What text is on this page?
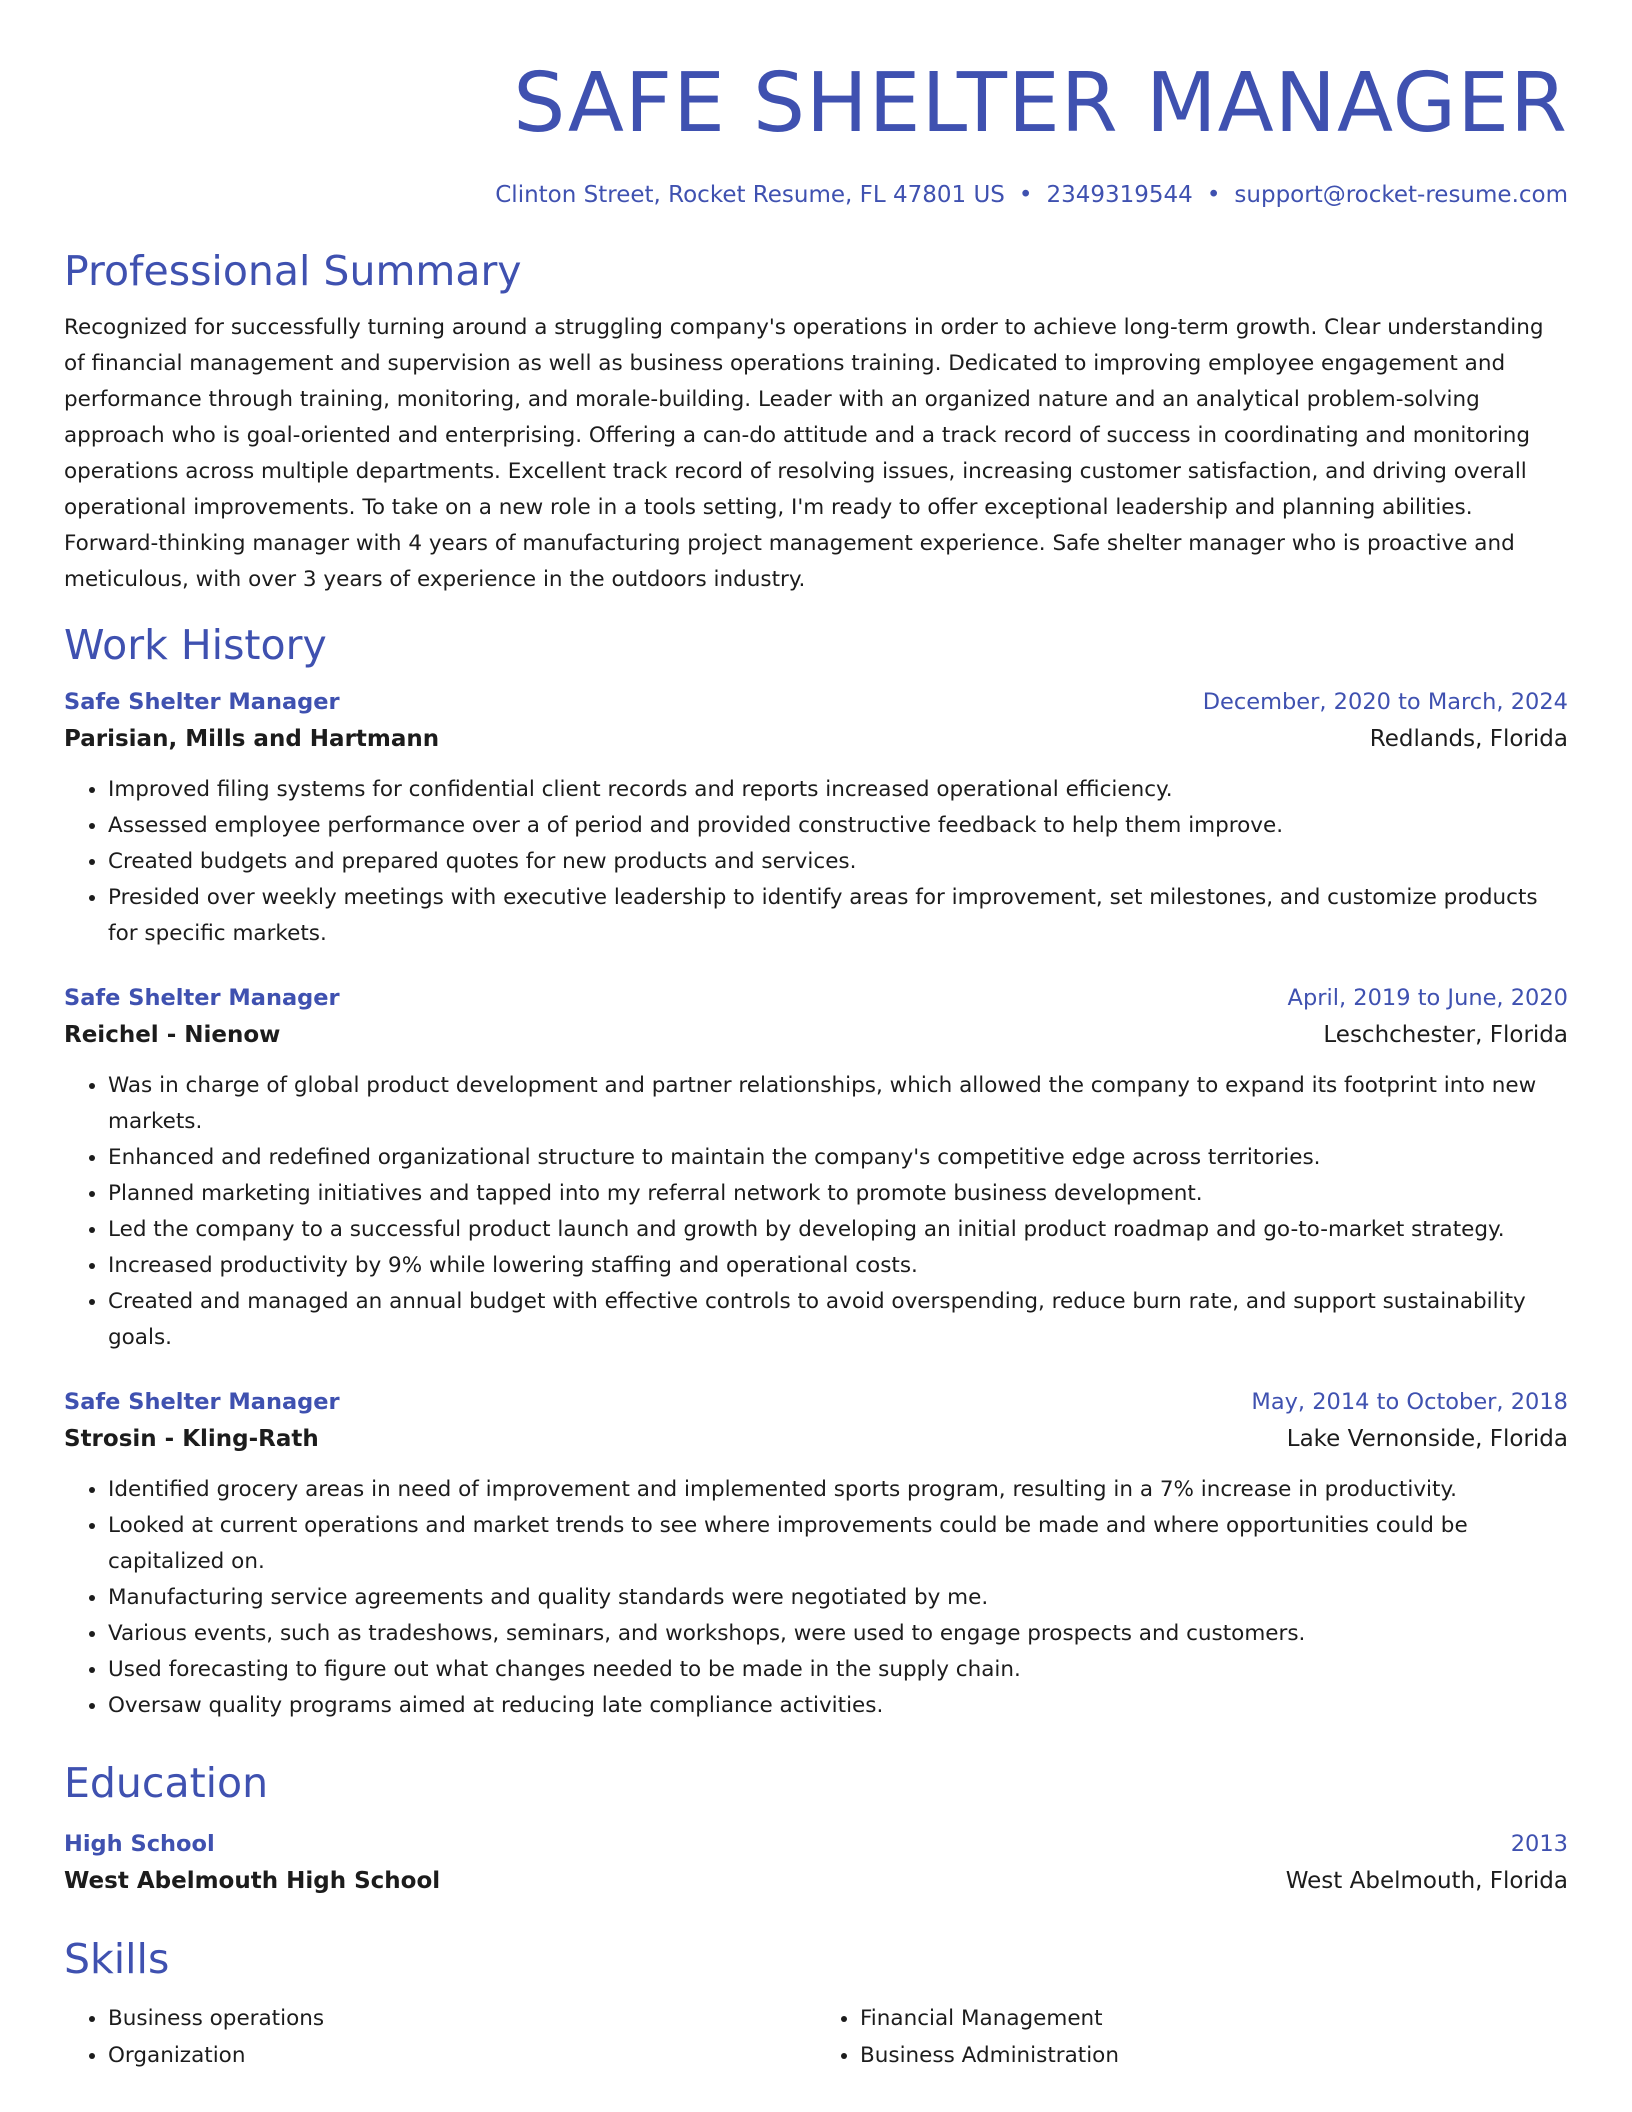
SAFE SHELTER MANAGER
Clinton Street, Rocket Resume, FL 47801 US • 2349319544 • support@rocket-resume.com
Professional Summary
Recognized for successfully turning around a struggling company's operations in order to achieve long-term growth. Clear understanding of financial management and supervision as well as business operations training. Dedicated to improving employee engagement and performance through training, monitoring, and morale-building. Leader with an organized nature and an analytical problem-solving approach who is goal-oriented and enterprising. Offering a can-do attitude and a track record of success in coordinating and monitoring operations across multiple departments. Excellent track record of resolving issues, increasing customer satisfaction, and driving overall operational improvements. To take on a new role in a tools setting, I'm ready to offer exceptional leadership and planning abilities. Forward-thinking manager with 4 years of manufacturing project management experience. Safe shelter manager who is proactive and meticulous, with over 3 years of experience in the outdoors industry.
Work History
Safe Shelter Manager	December, 2020 to March, 2024
Parisian, Mills and Hartmann	Redlands, Florida
• Improved filing systems for confidential client records and reports increased operational efficiency.
• Assessed employee performance over a of period and provided constructive feedback to help them improve.
• Created budgets and prepared quotes for new products and services.
• Presided over weekly meetings with executive leadership to identify areas for improvement, set milestones, and customize products for specific markets.
Safe Shelter Manager	April, 2019 to June, 2020
Reichel - Nienow	Leschchester, Florida
• Was in charge of global product development and partner relationships, which allowed the company to expand its footprint into new markets.
• Enhanced and redefined organizational structure to maintain the company's competitive edge across territories.
• Planned marketing initiatives and tapped into my referral network to promote business development.
• Led the company to a successful product launch and growth by developing an initial product roadmap and go-to-market strategy.
• Increased productivity by 9% while lowering staffing and operational costs.
• Created and managed an annual budget with effective controls to avoid overspending, reduce burn rate, and support sustainability goals.
Safe Shelter Manager	May, 2014 to October, 2018
Strosin - Kling-Rath	Lake Vernonside, Florida
• Identified grocery areas in need of improvement and implemented sports program, resulting in a 7% increase in productivity.
• Looked at current operations and market trends to see where improvements could be made and where opportunities could be capitalized on.
• Manufacturing service agreements and quality standards were negotiated by me.
• Various events, such as tradeshows, seminars, and workshops, were used to engage prospects and customers.
• Used forecasting to figure out what changes needed to be made in the supply chain.
• Oversaw quality programs aimed at reducing late compliance activities.
Education
High School	2013
West Abelmouth High School	West Abelmouth, Florida
Skills
• Business operations
• Organization
• Financial Management
• Business Administration
